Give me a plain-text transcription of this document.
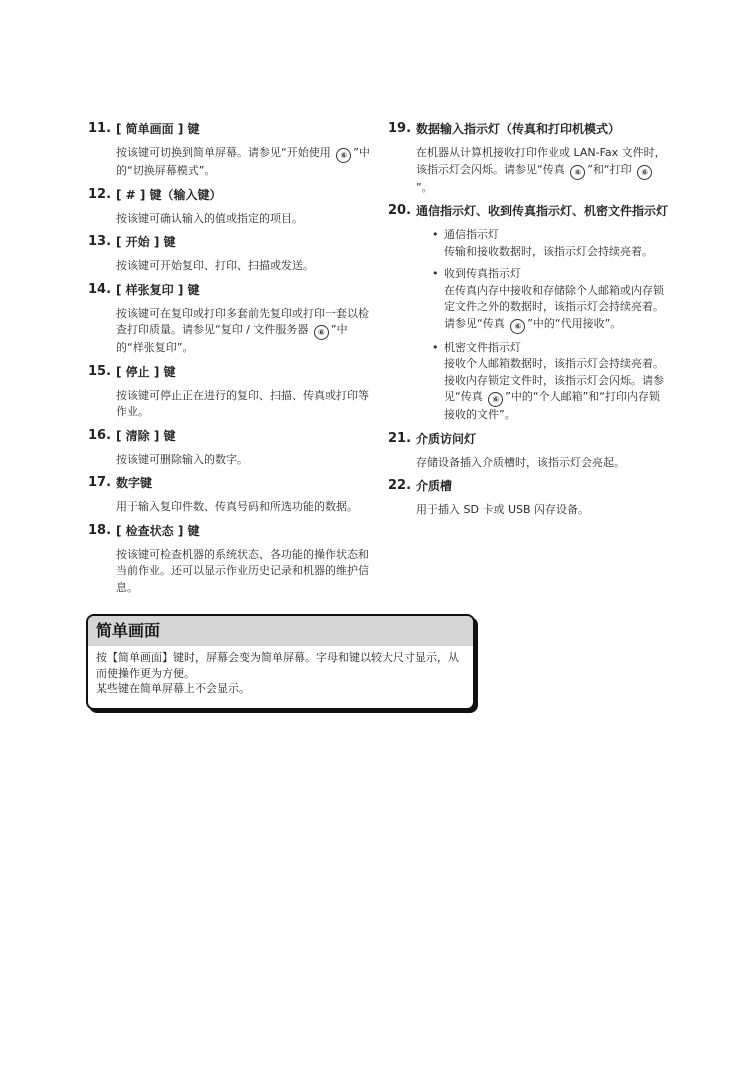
11. [ 简单画面 ] 键
按该键可切换到简单屏幕。请参见“开始使用 ⑥ ”中的“切换屏幕模式”。
12. [ # ] 键（输入键）
按该键可确认输入的值或指定的项目。
13. [ 开始 ] 键
按该键可开始复印、打印、扫描或发送。
14. [ 样张复印 ] 键
按该键可在复印或打印多套前先复印或打印一套以检查打印质量。请参见“复印 / 文件服务器 ⑥ ”中的“样张复印”。
15. [ 停止 ] 键
按该键可停止正在进行的复印、扫描、传真或打印等作业。
16. [ 清除 ] 键
按该键可删除输入的数字。
17. 数字键
用于输入复印件数、传真号码和所选功能的数据。
18. [ 检查状态 ] 键
按该键可检查机器的系统状态、各功能的操作状态和当前作业。还可以显示作业历史记录和机器的维护信息。
19. 数据输入指示灯（传真和打印机模式）
在机器从计算机接收打印作业或 LAN-Fax 文件时，该指示灯会闪烁。请参见“传真 ⑥ ”和“打印 ⑥”。
20. 通信指示灯、收到传真指示灯、机密文件指示灯
• 通信指示灯
传输和接收数据时，该指示灯会持续亮着。
• 收到传真指示灯
在传真内存中接收和存储除个人邮箱或内存锁定文件之外的数据时，该指示灯会持续亮着。请参见“传真 ⑥ ”中的“代用接收”。
• 机密文件指示灯
接收个人邮箱数据时，该指示灯会持续亮着。接收内存锁定文件时，该指示灯会闪烁。请参见“传真 ⑥ ”中的“个人邮箱”和“打印内存锁接收的文件”。
21. 介质访问灯
存储设备插入介质槽时，该指示灯会亮起。
22. 介质槽
用于插入 SD 卡或 USB 闪存设备。
简单画面
按【简单画面】键时，屏幕会变为简单屏幕。字母和键以较大尺寸显示，从而使操作更为方便。
某些键在简单屏幕上不会显示。
